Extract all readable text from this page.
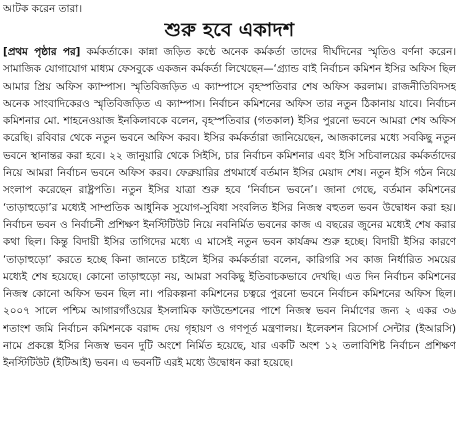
আটক করেন তারা।
শুরু হবে একাদশ
[প্রথম পৃষ্ঠার পর] কর্মকর্তাকে। কান্না জড়িত কণ্ঠে অনেক কর্মকর্তা তাদের দীর্ঘদিনের স্মৃতিও বর্ণনা করেন। সামাজিক যোগাযোগ মাধ্যম ফেসবুকে একজন কর্মকর্তা লিখেছেন—‘গ্র্যান্ড বাই নির্বাচন কমিশন ইসির অফিস ছিল আমার প্রিয় অফিস ক্যাম্পাস। স্মৃতিবিজড়িত এ ক্যাম্পাসে বৃহস্পতিবার শেষ অফিস করলাম। রাজনীতিবিদসহ অনেক সাংবাদিকেরও স্মৃতিবিজড়িত এ ক্যাম্পাস। নির্বাচন কমিশনের অফিস তার নতুন ঠিকানায় যাবে। নির্বাচন কমিশনার মো. শাহনেওয়াজ ইনকিলাবকে বলেন, বৃহস্পতিবার (গতকাল) ইসির পুরনো ভবনে আমরা শেষ অফিস করেছি। রবিবার থেকে নতুন ভবনে অফিস করব। ইসির কর্মকর্তারা জানিয়েছেন, আজকালের মধ্যে সবকিছু নতুন ভবনে স্থানান্তর করা হবে। ২২ জানুয়ারি থেকে সিইসি, চার নির্বাচন কমিশনার এবং ইসি সচিবালয়ের কর্মকর্তাদের নিয়ে আমরা নির্বাচন ভবনে অফিস করব। ফেব্রুয়ারির প্রথমার্ধে বর্তমান ইসির মেয়াদ শেষ। নতুন ইসি গঠন নিয়ে সংলাপ করেছেন রাষ্ট্রপতি। নতুন ইসির যাত্রা শুরু হবে ‘নির্বাচন ভবনে’। জানা গেছে, বর্তমান কমিশনের ‘তাড়াহুড়ো’র মধ্যেই সাম্প্রতিক আধুনিক সুযোগ-সুবিধা সংবলিত ইসির নিজস্ব বহুতল ভবন উদ্বোধন করা হয়। নির্বাচন ভবন ও নির্বাচনী প্রশিক্ষণ ইনস্টিটিউট নিয়ে নবনির্মিত ভবনের কাজ এ বছরের জুনের মধ্যেই শেষ করার কথা ছিল। কিন্তু বিদায়ী ইসির তাগিদের মধ্যে এ মাসেই নতুন ভবন কার্যক্রম শুরু হচ্ছে। বিদায়ী ইসির কারণে ‘তাড়াহুড়ো’ করতে হচ্ছে কিনা জানতে চাইলে ইসির কর্মকর্তারা বলেন, কারিগরি সব কাজ নির্ধারিত সময়ের মধ্যেই শেষ হয়েছে। কোনো তাড়াহুড়ো নয়, আমরা সবকিছু ইতিবাচকভাবে দেখছি। এত দিন নির্বাচন কমিশনের নিজস্ব কোনো অফিস ভবন ছিল না। পরিকল্পনা কমিশনের চত্বরে পুরনো ভবনে নির্বাচন কমিশনের অফিস ছিল। ২০০৭ সালে পশ্চিম আগারগাঁওয়ের ইসলামিক ফাউন্ডেশনের পাশে নিজস্ব ভবন নির্মাণের জন্য ২ একর ৩৬ শতাংশ জমি নির্বাচন কমিশনকে বরাদ্দ দেয় গৃহায়ণ ও গণপূর্ত মন্ত্রণালয়। ইলেকশন রিসোর্স সেন্টার (ইআরসি) নামে প্রকল্পে ইসির নিজস্ব ভবন দুটি অংশে নির্মিত হয়েছে, যার একটি অংশ ১২ তলাবিশিষ্ট নির্বাচন প্রশিক্ষণ ইনস্টিটিউট (ইটিআই) ভবন। এ ভবনটি এরই মধ্যে উদ্বোধন করা হয়েছে।
